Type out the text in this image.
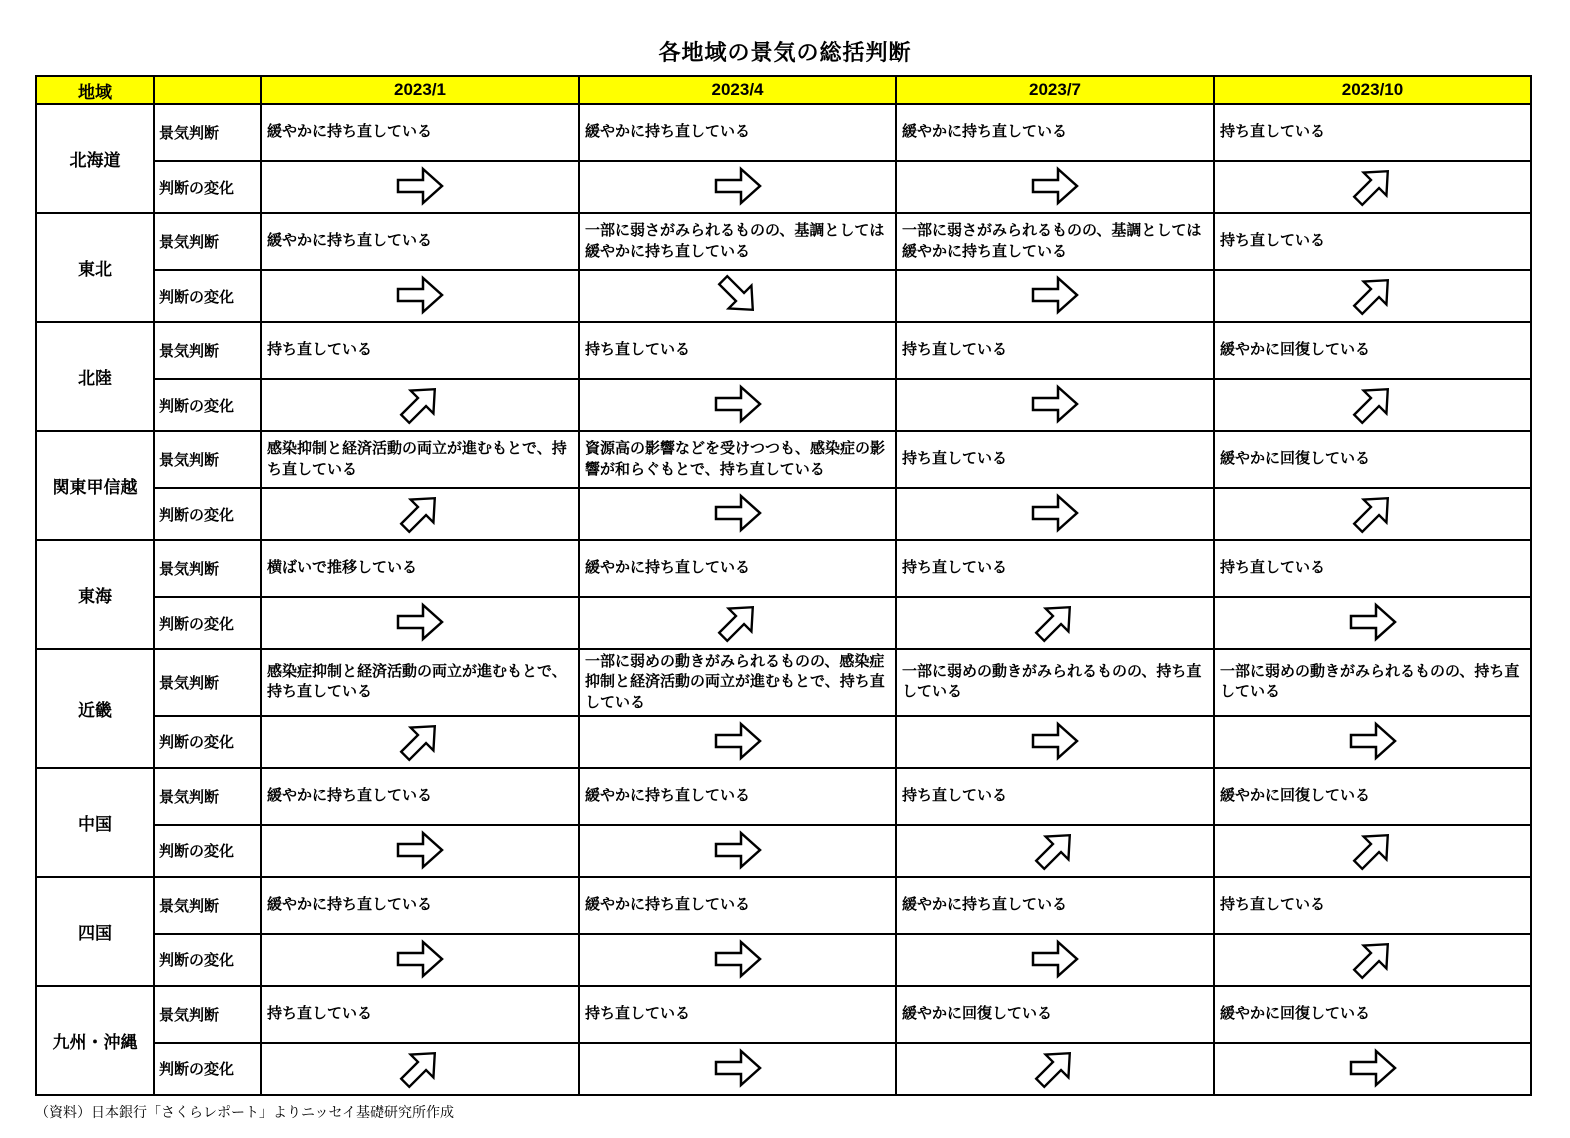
各地域の景気の総括判断
地域		2023/1	2023/4	2023/7	2023/10
北海道	景気判断	緩やかに持ち直している	緩やかに持ち直している	緩やかに持ち直している	持ち直している
	判断の変化	

東北	景気判断	緩やかに持ち直している	一部に弱さがみられるものの、基調としては緩やかに持ち直している	一部に弱さがみられるものの、基調としては緩やかに持ち直している	持ち直している
	判断の変化	

北陸	景気判断	持ち直している	持ち直している	持ち直している	緩やかに回復している
	判断の変化	

関東甲信越	景気判断	感染抑制と経済活動の両立が進むもとで、持ち直している	資源高の影響などを受けつつも、感染症の影響が和らぐもとで、持ち直している	持ち直している	緩やかに回復している
	判断の変化	

東海	景気判断	横ばいで推移している	緩やかに持ち直している	持ち直している	持ち直している
	判断の変化	

近畿	景気判断	感染症抑制と経済活動の両立が進むもとで、持ち直している	一部に弱めの動きがみられるものの、感染症抑制と経済活動の両立が進むもとで、持ち直している	一部に弱めの動きがみられるものの、持ち直している	一部に弱めの動きがみられるものの、持ち直している
	判断の変化	

中国	景気判断	緩やかに持ち直している	緩やかに持ち直している	持ち直している	緩やかに回復している
	判断の変化	

四国	景気判断	緩やかに持ち直している	緩やかに持ち直している	緩やかに持ち直している	持ち直している
	判断の変化	

九州・沖縄	景気判断	持ち直している	持ち直している	緩やかに回復している	緩やかに回復している
	判断の変化	

（資料）日本銀行「さくらレポート」よりニッセイ基礎研究所作成
